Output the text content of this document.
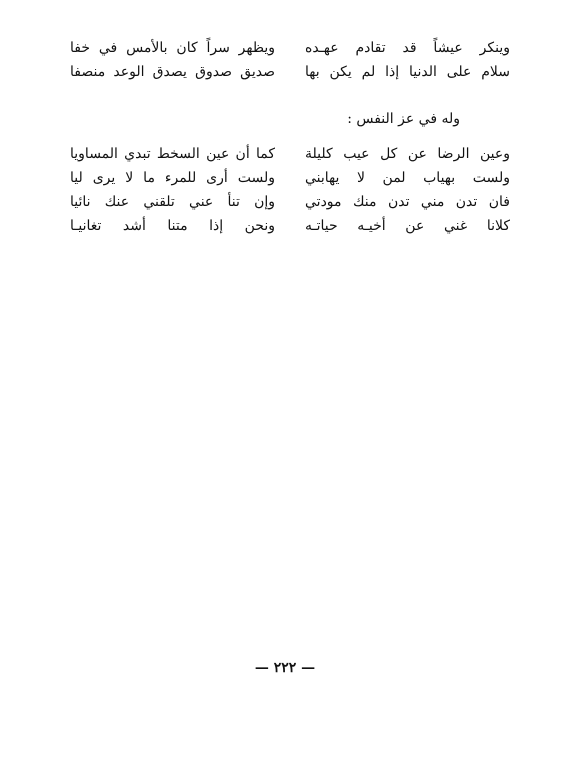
وينكر عيشاً قد تقادم عهـده
ويظهر سراً كان بالأمس في خفا
سلام على الدنيا إذا لم يكن بها
صديق صدوق يصدق الوعد منصفا
وله في عز النفس :
وعين الرضا عن كل عيب كليلة
كما أن عين السخط تبدي المساويا
ولست بهياب لمن لا يهابني
ولست أرى للمرء ما لا يرى ليا
فان تدن مني تدن منك مودتي
وإن تنأ عني تلقني عنك نائيا
كلانا غني عن أخيـه حياتـه
ونحن إذا متنا أشد تغانيـا
— ٢٢٢ —
